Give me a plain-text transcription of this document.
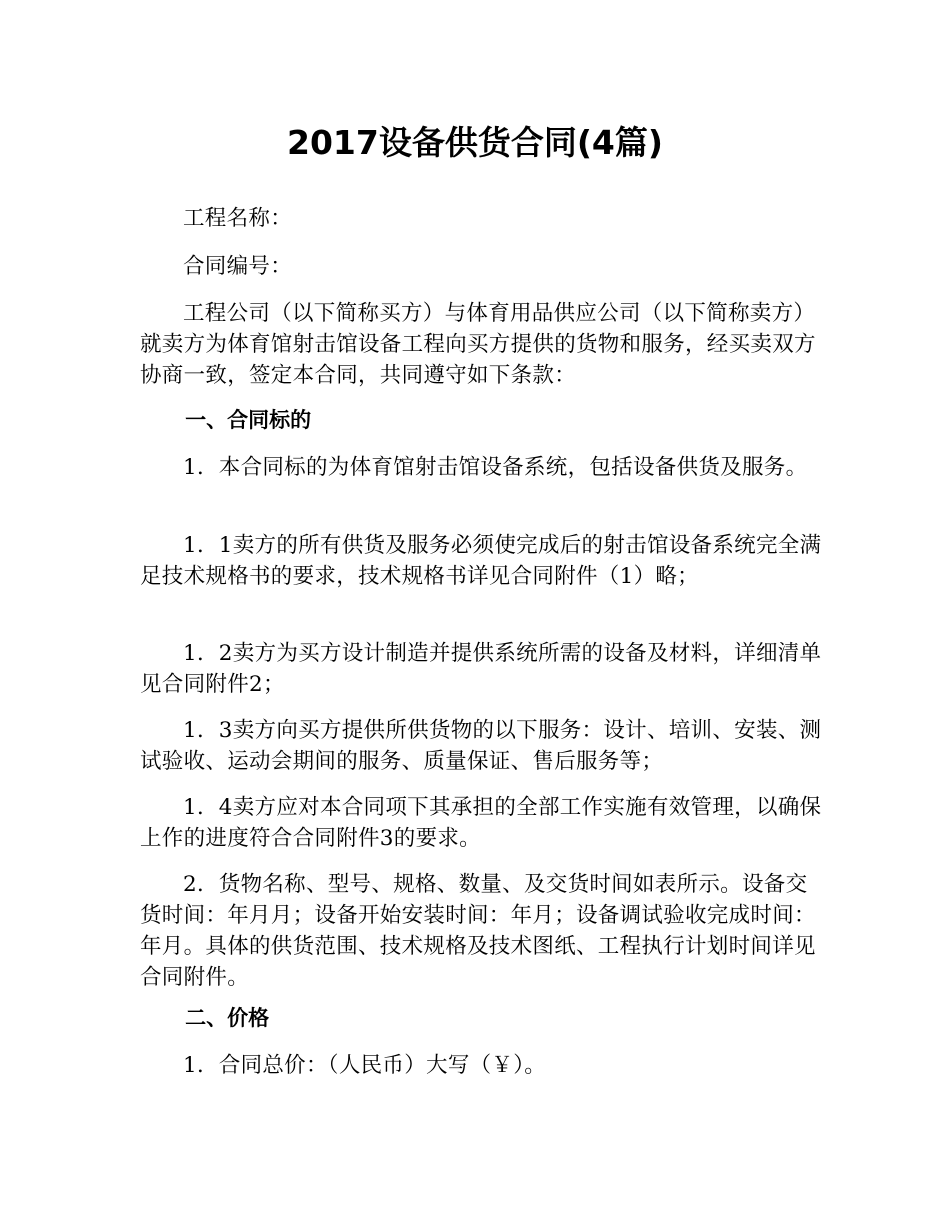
2017设备供货合同(4篇)

工程名称：

合同编号：

工程公司（以下简称买方）与体育用品供应公司（以下简称卖方）就卖方为体育馆射击馆设备工程向买方提供的货物和服务，经买卖双方协商一致，签定本合同，共同遵守如下条款：

一、合同标的

1．本合同标的为体育馆射击馆设备系统，包括设备供货及服务。

1．1卖方的所有供货及服务必须使完成后的射击馆设备系统完全满足技术规格书的要求，技术规格书详见合同附件（1）略；

1．2卖方为买方设计制造并提供系统所需的设备及材料，详细清单见合同附件2；

1．3卖方向买方提供所供货物的以下服务：设计、培训、安装、测试验收、运动会期间的服务、质量保证、售后服务等；

1．4卖方应对本合同项下其承担的全部工作实施有效管理，以确保上作的进度符合合同附件3的要求。

2．货物名称、型号、规格、数量、及交货时间如表所示。设备交货时间：年月月；设备开始安装时间：年月；设备调试验收完成时间：年月。具体的供货范围、技术规格及技术图纸、工程执行计划时间详见合同附件。

二、价格

1．合同总价：（人民币）大写（￥）。
